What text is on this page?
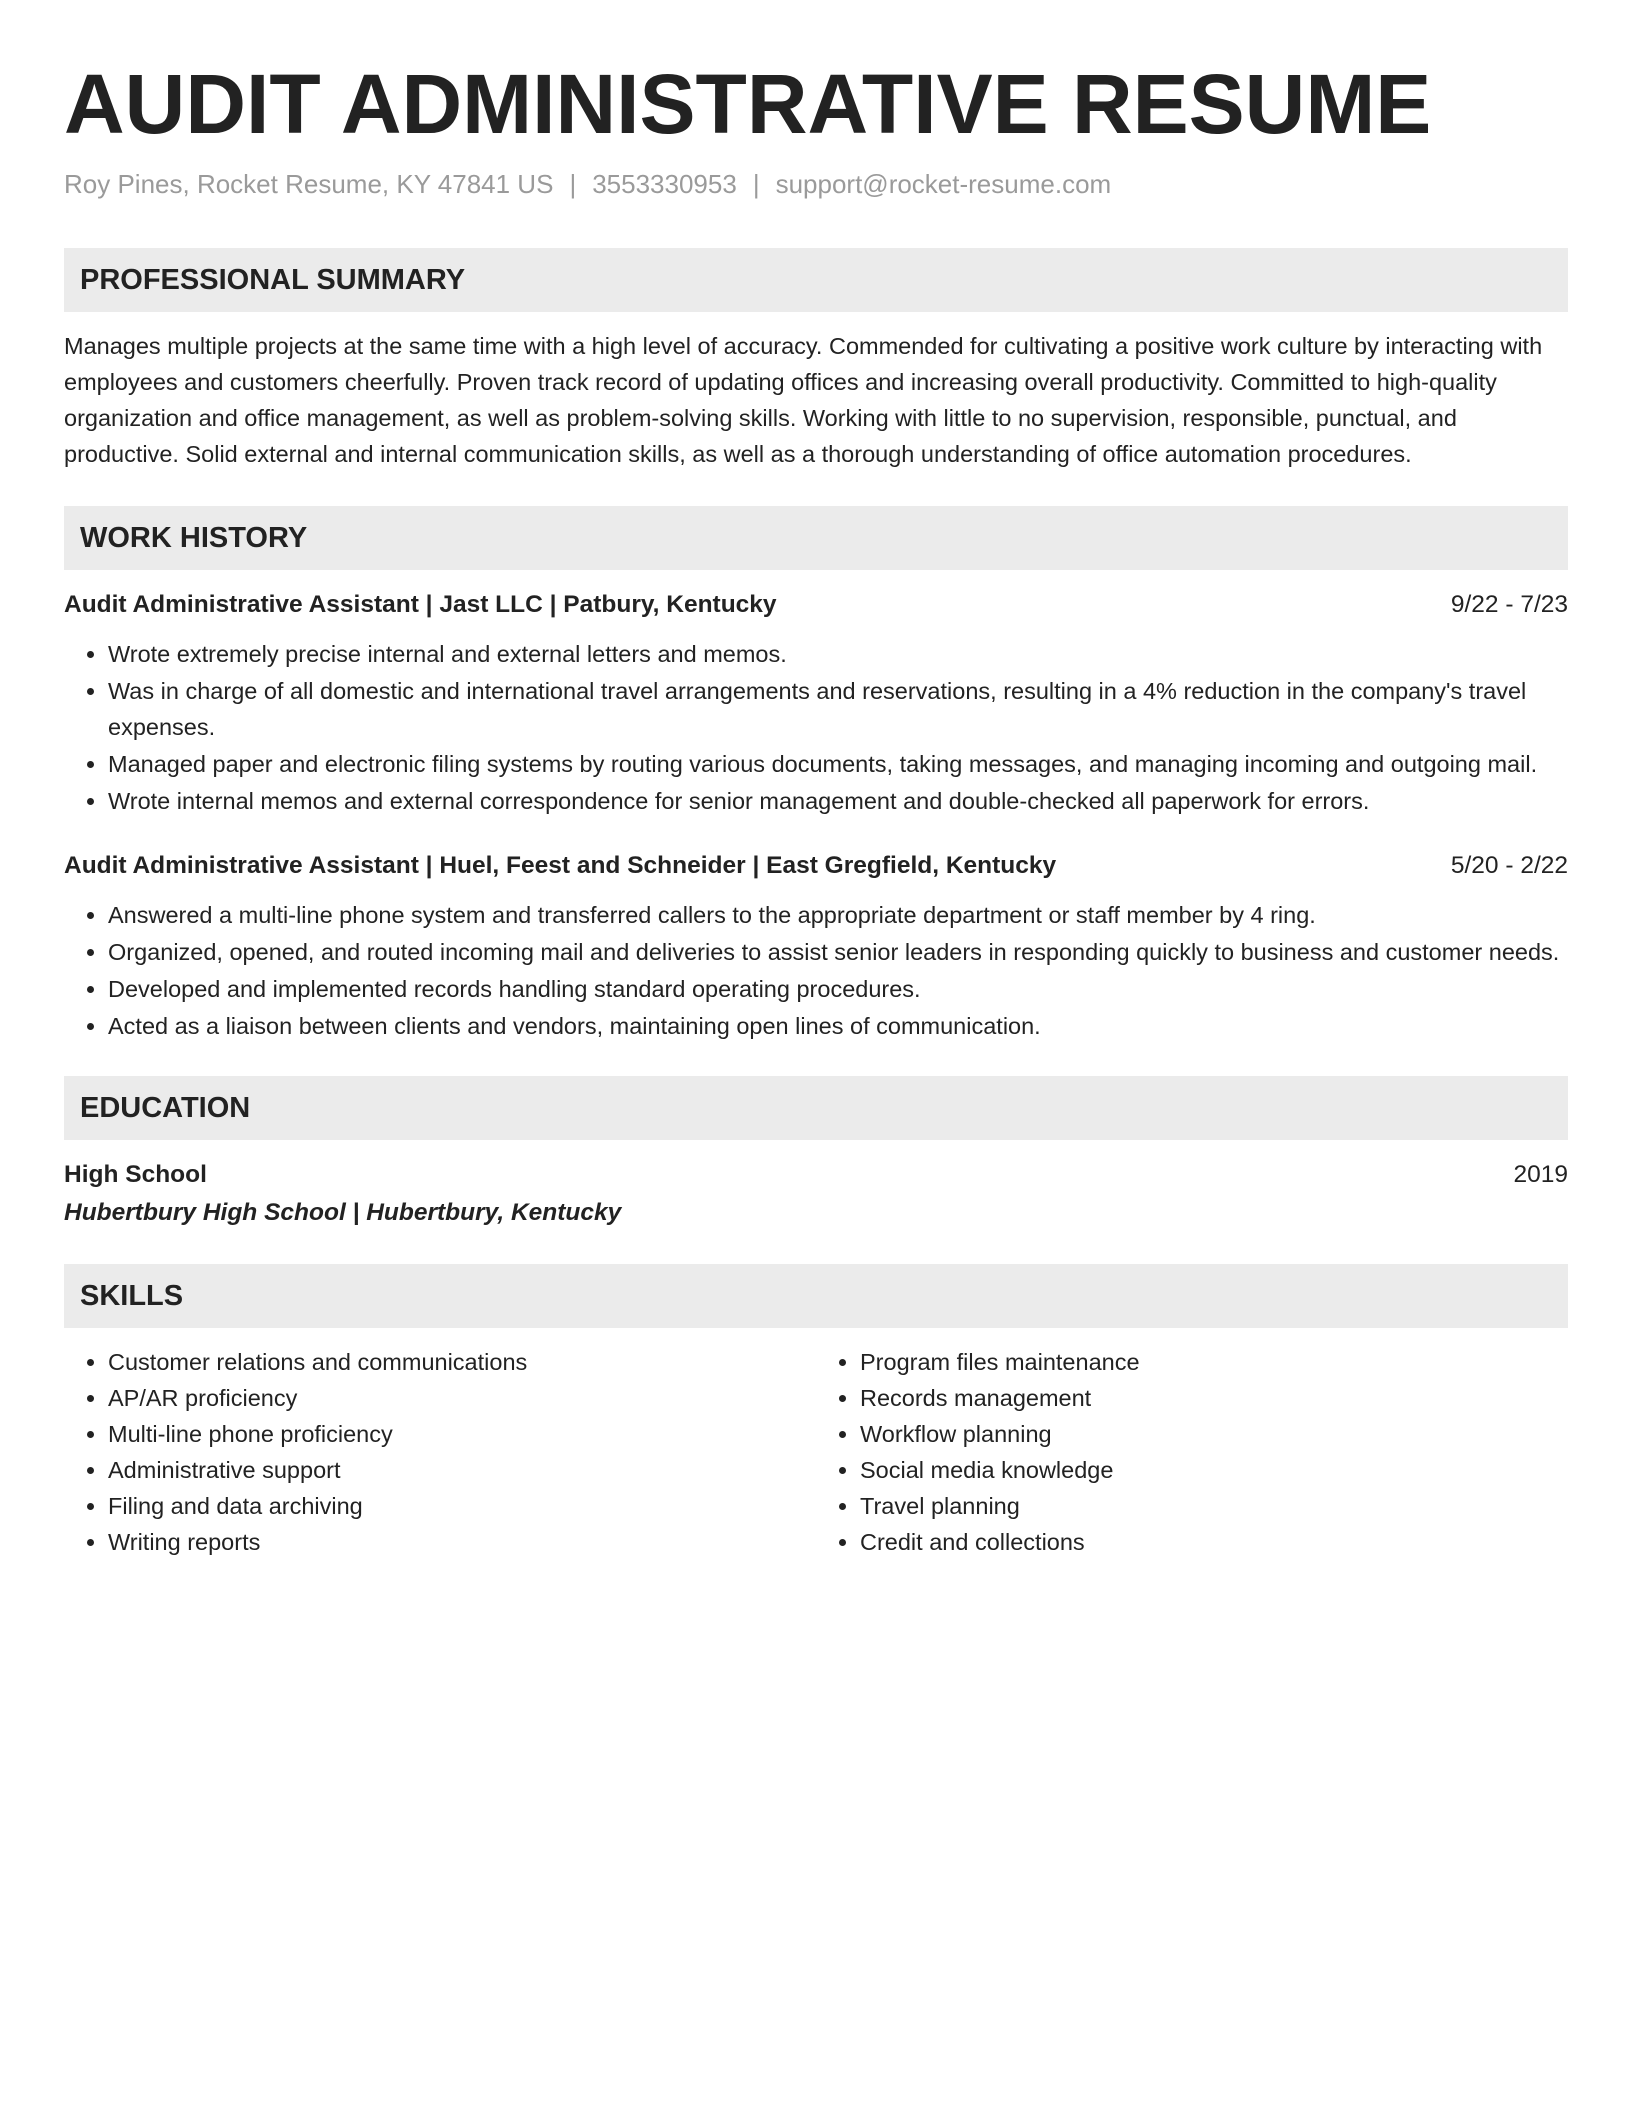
AUDIT ADMINISTRATIVE RESUME
Roy Pines, Rocket Resume, KY 47841 US | 3553330953 | support@rocket-resume.com
PROFESSIONAL SUMMARY
Manages multiple projects at the same time with a high level of accuracy. Commended for cultivating a positive work culture by interacting with employees and customers cheerfully. Proven track record of updating offices and increasing overall productivity. Committed to high-quality organization and office management, as well as problem-solving skills. Working with little to no supervision, responsible, punctual, and productive. Solid external and internal communication skills, as well as a thorough understanding of office automation procedures.
WORK HISTORY
Audit Administrative Assistant | Jast LLC | Patbury, Kentucky	9/22 - 7/23
• Wrote extremely precise internal and external letters and memos.
• Was in charge of all domestic and international travel arrangements and reservations, resulting in a 4% reduction in the company's travel expenses.
• Managed paper and electronic filing systems by routing various documents, taking messages, and managing incoming and outgoing mail.
• Wrote internal memos and external correspondence for senior management and double-checked all paperwork for errors.
Audit Administrative Assistant | Huel, Feest and Schneider | East Gregfield, Kentucky	5/20 - 2/22
• Answered a multi-line phone system and transferred callers to the appropriate department or staff member by 4 ring.
• Organized, opened, and routed incoming mail and deliveries to assist senior leaders in responding quickly to business and customer needs.
• Developed and implemented records handling standard operating procedures.
• Acted as a liaison between clients and vendors, maintaining open lines of communication.
EDUCATION
High School	2019
Hubertbury High School | Hubertbury, Kentucky
SKILLS
• Customer relations and communications
• AP/AR proficiency
• Multi-line phone proficiency
• Administrative support
• Filing and data archiving
• Writing reports
• Program files maintenance
• Records management
• Workflow planning
• Social media knowledge
• Travel planning
• Credit and collections
